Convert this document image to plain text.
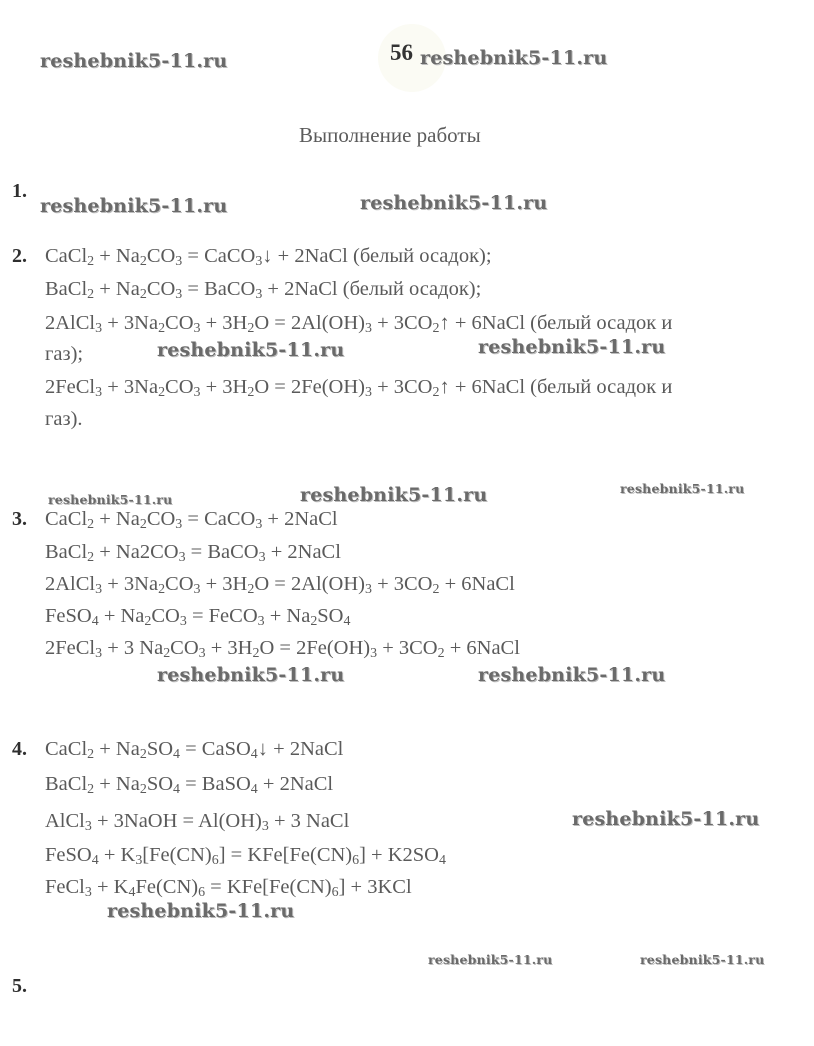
56
reshebnik5-11.ru	reshebnik5-11.ru
reshebnik5-11.ru	reshebnik5-11.ru
reshebnik5-11.ru	reshebnik5-11.ru
reshebnik5-11.ru	reshebnik5-11.ru	reshebnik5-11.ru
reshebnik5-11.ru	reshebnik5-11.ru
reshebnik5-11.ru
reshebnik5-11.ru
reshebnik5-11.ru	reshebnik5-11.ru
Выполнение работы
1.
2.
3.
4.
5.
CaCl$_2$ + $Na_2CO_3$ = CaCO$_3$↓ + 2NaCl (белый осадок);
BaCl$_2$ + $Na_2CO_3$ = BaCO$_3$ + 2NaCl (белый осадок);
2AlCl$_3$ + $3Na_2CO_3 + 3H_2O = 2Al(OH)_3$ + $3CO_2↑$ + 6NaCl (белый осадок и
газ);
2FeCl$_3$ + $3Na_2CO_3 + 3H_2O = 2Fe(OH)_3$ + $3CO_2↑$ + 6NaCl (белый осадок и
газ).
CaCl$_2$ + $Na_2CO_3$ = CaCO$_3$ + 2NaCl
BaCl$_2$ + $Na2CO_3$ = BaCO$_3$ + 2NaCl
2AlCl$_3$ + $3Na_2CO_3 + 3H_2O = 2Al(OH)_3 + 3CO_2$ + 6NaCl
FeSO$_4$ + $Na_2CO_3$ = FeCO$_3$ + $Na_2SO_4$
2FeCl$_3$ + 3 $Na_2CO_3 + 3H_2O = 2Fe(OH)_3 + 3CO_2$ + 6NaCl
CaCl$_2$ + $Na_2SO_4$ = CaSO$_4$↓ + 2NaCl
BaCl$_2$ + $Na_2SO_4$ = BaSO$_4$ + 2NaCl
AlCl$_3$ + 3NaOH = $Al(OH)_3 + 3$ NaCl
FeSO$_4$ + $K_3[Fe(CN)_6] = KFe[Fe(CN)_6] + K2SO_4$
FeCl$_3$ + $K_4Fe(CN)_6 = KFe[Fe(CN)_6] + 3KCl$
